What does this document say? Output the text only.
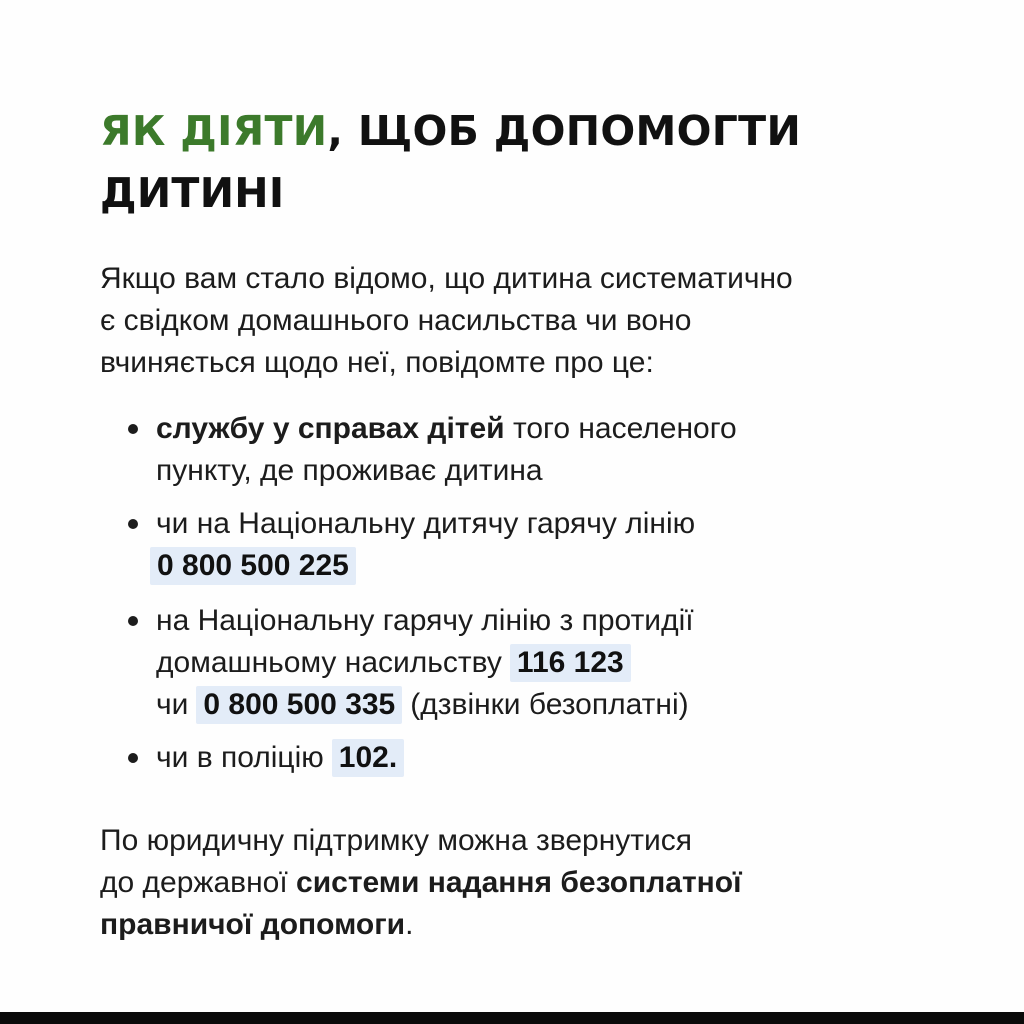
ЯК ДІЯТИ, ЩОБ ДОПОМОГТИ
ДИТИНІ

Якщо вам стало відомо, що дитина систематично
є свідком домашнього насильства чи воно
вчиняється щодо неї, повідомте про це:

службу у справах дітей того населеного
пункту, де проживає дитина
чи на Національну дитячу гарячу лінію
0 800 500 225
на Національну гарячу лінію з протидії
домашньому насильству 116 123
чи 0 800 500 335 (дзвінки безоплатні)
чи в поліцію 102.

По юридичну підтримку можна звернутися
до державної системи надання безоплатної
правничої допомоги.
